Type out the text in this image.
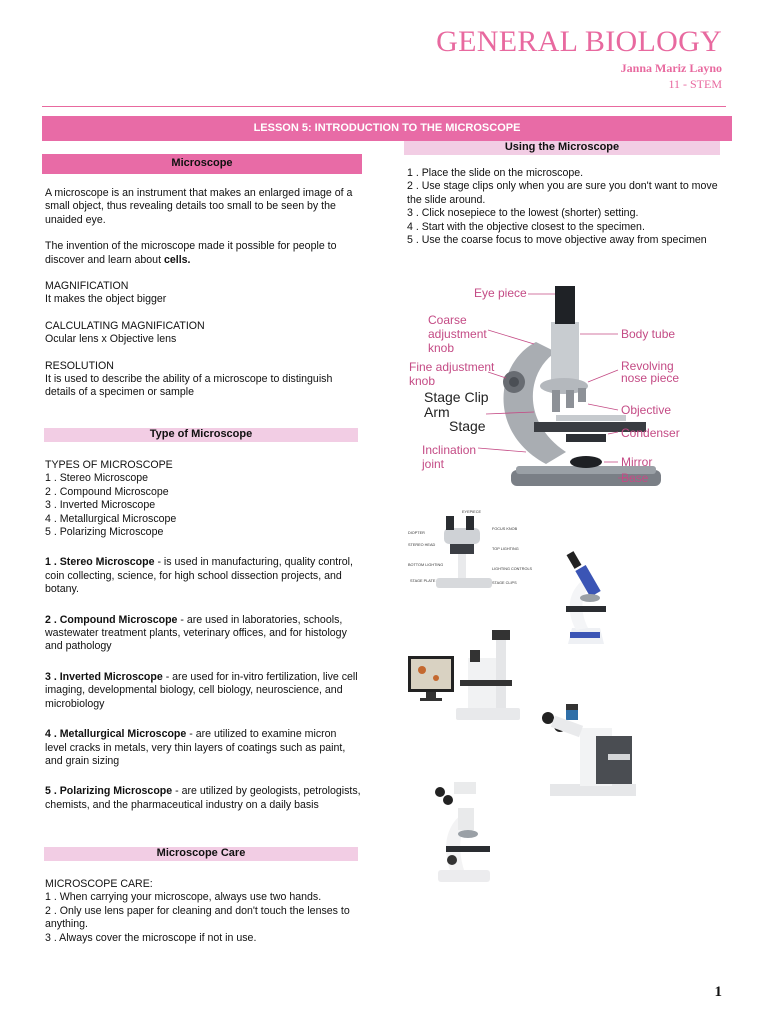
GENERAL BIOLOGY
Janna Mariz Layno
11 - STEM
LESSON 5: INTRODUCTION TO THE MICROSCOPE
Microscope

A microscope is an instrument that makes an enlarged image of a small object, thus revealing details too small to be seen by the unaided eye.

The invention of the microscope made it possible for people to discover and learn about cells.

MAGNIFICATION

It makes the object bigger

CALCULATING MAGNIFICATION

Ocular lens x Objective lens

RESOLUTION

It is used to describe the ability of a microscope to distinguish details of a specimen or sample

Type of Microscope

TYPES OF MICROSCOPE

1 . Stereo Microscope
2 . Compound Microscope
3 . Inverted Microscope
4 . Metallurgical Microscope
5 . Polarizing Microscope

1 . Stereo Microscope - is used in manufacturing, quality control, coin collecting, science, for high school dissection projects, and botany.

2 . Compound Microscope - are used in laboratories, schools, wastewater treatment plants, veterinary offices, and for histology and pathology

3 . Inverted Microscope - are used for in-vitro fertilization, live cell imaging, developmental biology, cell biology, neuroscience, and microbiology

4 . Metallurgical Microscope - are utilized to examine micron level cracks in metals, very thin layers of coatings such as paint, and grain sizing

5 . Polarizing Microscope - are utilized by geologists, petrologists, chemists, and the pharmaceutical industry on a daily basis

Microscope Care

MICROSCOPE CARE:

1 . When carrying your microscope, always use two hands.
2 . Only use lens paper for cleaning and don't touch the lenses to anything.
3 . Always cover the microscope if not in use.
Using the Microscope
1 . Place the slide on the microscope.
2 . Use stage clips only when you are sure you don't want to move the slide around.
3 . Click nosepiece to the lowest (shorter) setting.
4 . Start with the objective closest to the specimen.
5 . Use the coarse focus to move objective away from specimen
Eye piece
Coarse
adjustment
knob
Fine adjustment
knob
Stage Clip
Arm
Stage
Inclination
joint
Body tube
Revolving
nose piece
Objective
Condenser
Mirror
Base
EYEPIECE
DIOPTER
FOCUS KNOB
STEREO HEAD
TOP LIGHTING
BOTTOM LIGHTING
LIGHTING CONTROLS
STAGE PLATE	STAGE CLIPS
1
